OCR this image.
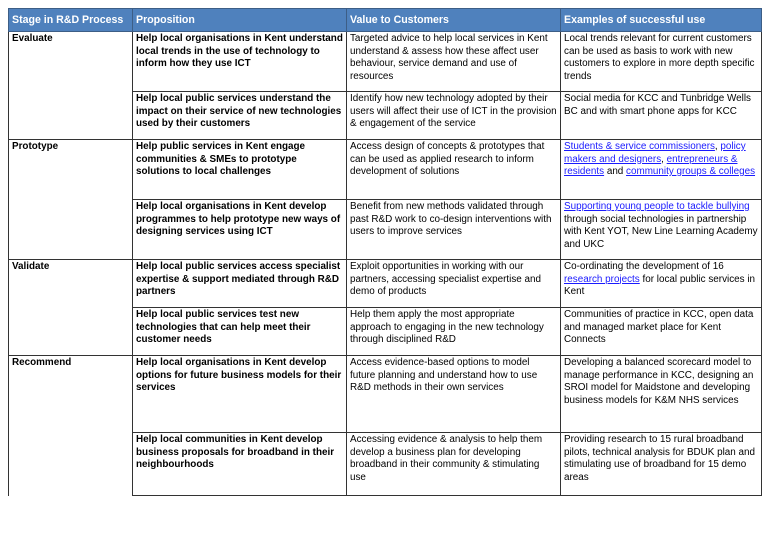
Stage in R&D Process	Proposition	Value to Customers	Examples of successful use
Evaluate	Help local organisations in Kent understand local trends in the use of technology to inform how they use ICT	Targeted advice to help local services in Kent understand & assess how these affect user behaviour, service demand and use of resources	Local trends relevant for current customers can be used as basis to work with new customers to explore in more depth specific trends
	Help local public services understand the impact on their service of new technologies used by their customers	Identify how new technology adopted by their users will affect their use of ICT in the provision & engagement of the service	Social media for KCC and Tunbridge Wells BC and with smart phone apps for KCC
Prototype	Help public services in Kent engage communities & SMEs to prototype solutions to local challenges	Access design of concepts & prototypes that can be used as applied research to inform development of solutions	Students & service commissioners, policy makers and designers, entrepreneurs & residents and community groups & colleges
	Help local organisations in Kent develop programmes to help prototype new ways of designing services using ICT	Benefit from new methods validated through past R&D work to co-design interventions with users to improve services	Supporting young people to tackle bullying through social technologies in partnership with Kent YOT, New Line Learning Academy and UKC
Validate	Help local public services access specialist expertise & support mediated through R&D partners	Exploit opportunities in working with our partners, accessing specialist expertise and demo of products	Co-ordinating the development of 16 research projects for local public services in Kent
	Help local public services test new technologies that can help meet their customer needs	Help them apply the most appropriate approach to engaging in the new technology through disciplined R&D	Communities of practice in KCC, open data and managed market place for Kent Connects
Recommend	Help local organisations in Kent develop options for future business models for their services	Access evidence-based options to model future planning and understand how to use R&D methods in their own services	Developing a balanced scorecard model to manage performance in KCC, designing an SROI model for Maidstone and developing business models for K&M NHS services
	Help local communities in Kent develop business proposals for broadband in their neighbourhoods	Accessing evidence & analysis to help them develop a business plan for developing broadband in their community & stimulating use	Providing research to 15 rural broadband pilots, technical analysis for BDUK plan and stimulating use of broadband for 15 demo areas
